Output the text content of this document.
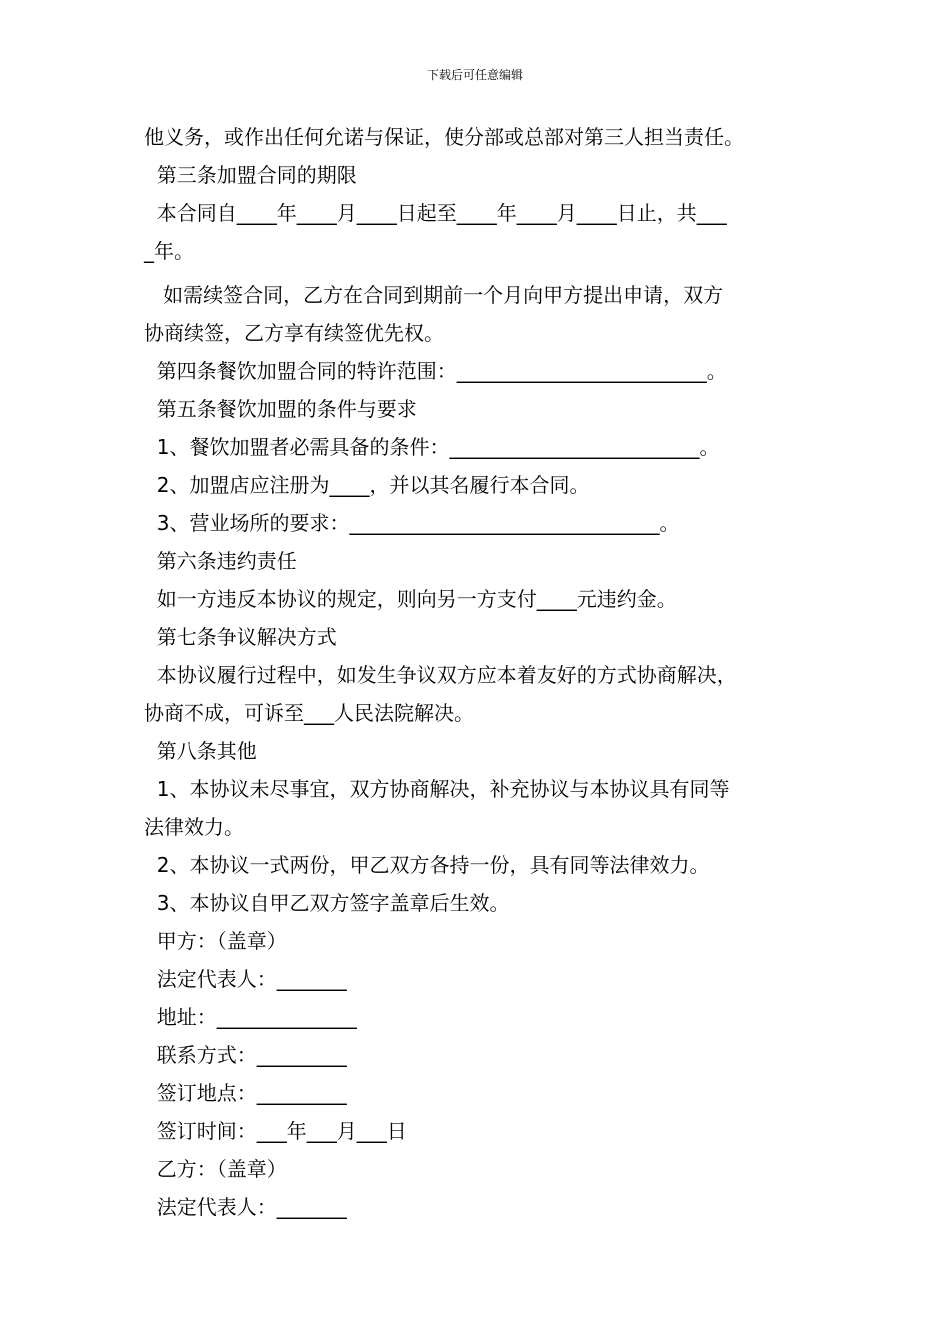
下载后可任意编辑
他义务，或作出任何允诺与保证，使分部或总部对第三人担当责任。
第三条加盟合同的期限
本合同自____年____月____日起至____年____月____日止，共___
_年。
如需续签合同，乙方在合同到期前一个月向甲方提出申请，双方
协商续签，乙方享有续签优先权。
第四条餐饮加盟合同的特许范围：_________________________。
第五条餐饮加盟的条件与要求
1、餐饮加盟者必需具备的条件：_________________________。
2、加盟店应注册为____，并以其名履行本合同。
3、营业场所的要求：_______________________________。
第六条违约责任
如一方违反本协议的规定，则向另一方支付____元违约金。
第七条争议解决方式
本协议履行过程中，如发生争议双方应本着友好的方式协商解决，
协商不成，可诉至___人民法院解决。
第八条其他
1、本协议未尽事宜，双方协商解决，补充协议与本协议具有同等
法律效力。
2、本协议一式两份，甲乙双方各持一份，具有同等法律效力。
3、本协议自甲乙双方签字盖章后生效。
甲方：（盖章）
法定代表人：_______
地址：______________
联系方式：_________
签订地点：_________
签订时间：___年___月___日
乙方：（盖章）
法定代表人：_______
